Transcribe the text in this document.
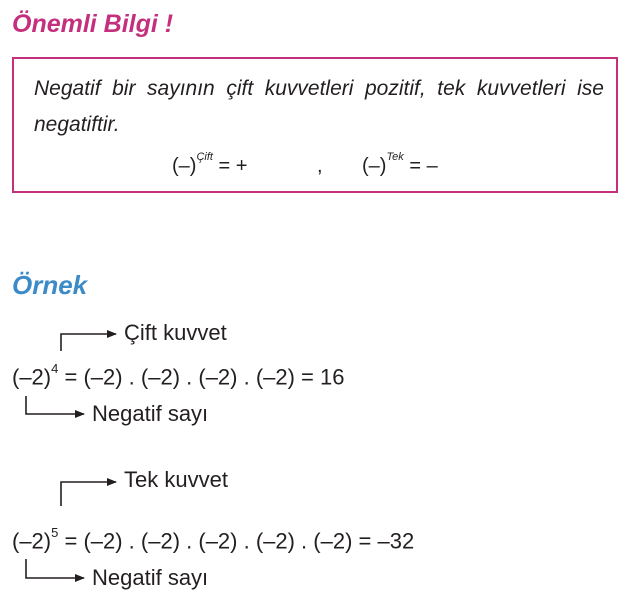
Önemli Bilgi !

Negatif bir sayının çift kuvvetleri pozitif, tek kuvvetleri ise negatiftir.

$(-)^{Çift}$ = +	, $(-)^{Tek}$ = –
Örnek
Çift kuvvet
$(-2)^4 = (-2)$ . (–2) . (–2) . (–2) = 16
Negatif sayı
Tek kuvvet
$(-2)^5 = (-2)$ . (–2) . (–2) . (–2) . (–2) = –32
Negatif sayı
